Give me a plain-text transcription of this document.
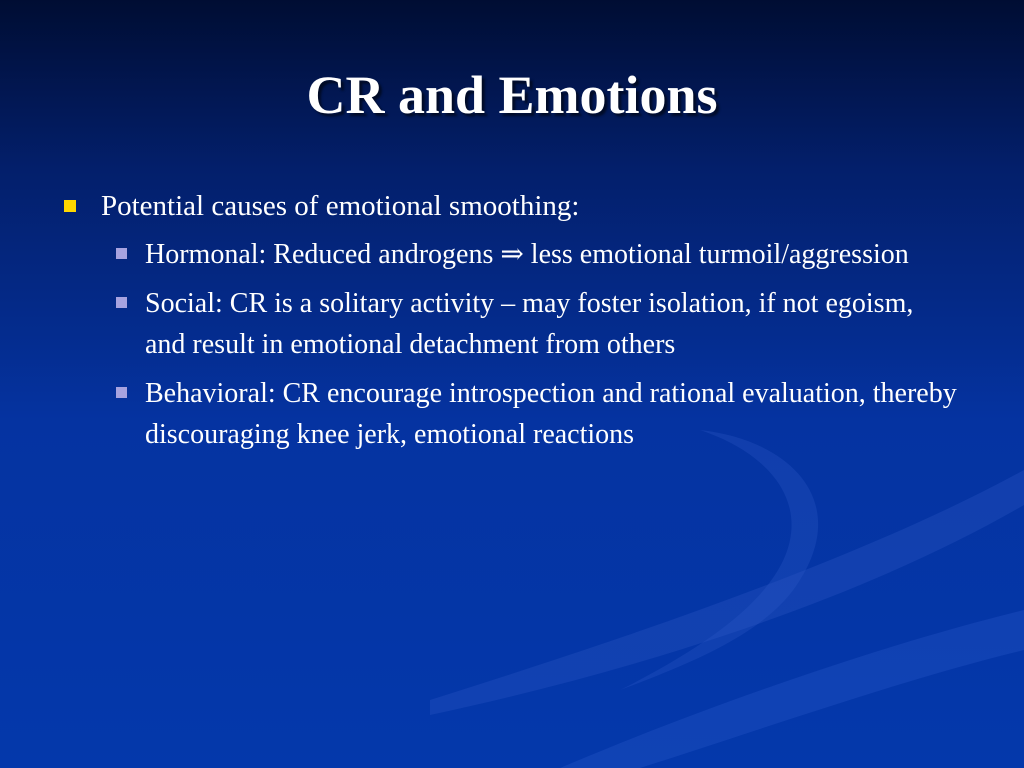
CR and Emotions
Potential causes of emotional smoothing:
Hormonal: Reduced androgens ⇒ less emotional turmoil/aggression
Social: CR is a solitary activity – may foster isolation, if not egoism, and result in emotional detachment from others
Behavioral: CR encourage introspection and rational evaluation, thereby discouraging knee jerk, emotional reactions
